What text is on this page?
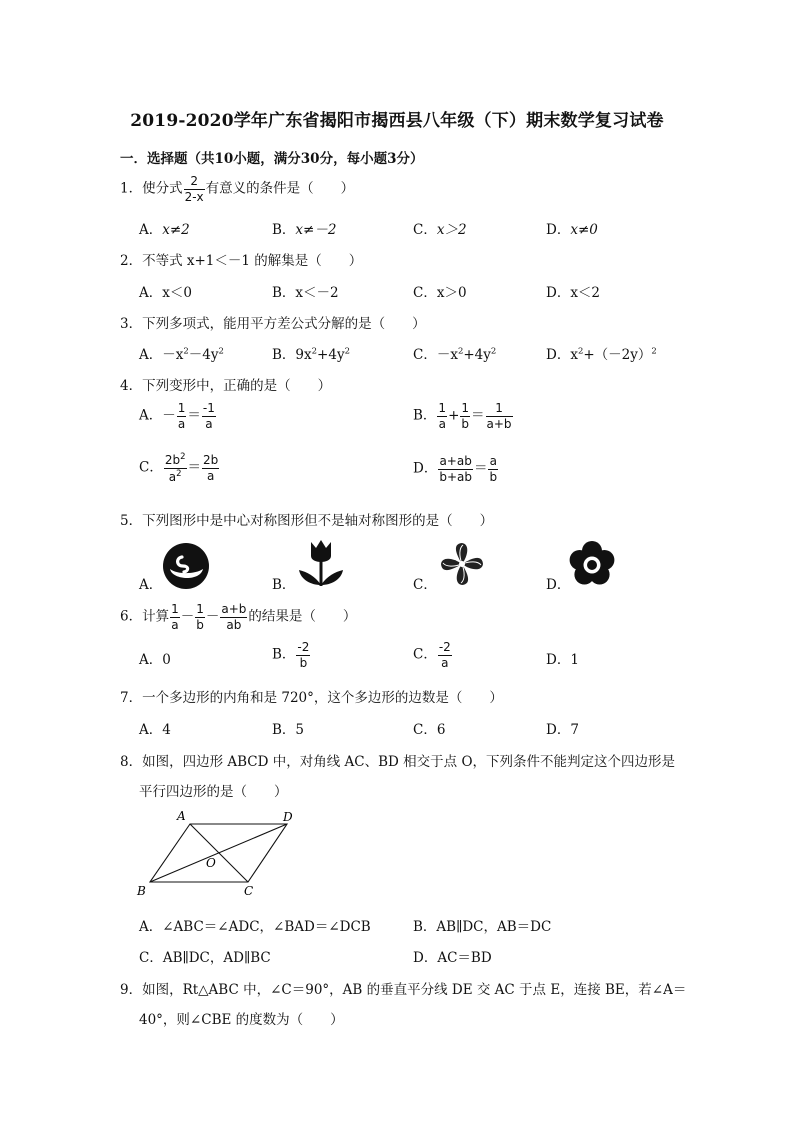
2019-2020学年广东省揭阳市揭西县八年级（下）期末数学复习试卷
一．选择题（共10小题，满分30分，每小题3分）
1．使分式 $\frac{2}{2-x}$ 有意义的条件是（　　）
A．x≠2	B．x≠－2	C．x＞2	D．x≠0
2．不等式 x+1＜－1 的解集是（　　）
A．x＜0	B．x＜－2	C．x＞0	D．x＜2
3．下列多项式，能用平方差公式分解的是（　　）
A．$-x^2-4y^2$	B．$9x^2+4y^2$	C．$-x^2+4y^2$	D．$x^2+(-2y)^2$
4．下列变形中，正确的是（　　）
A．－ $\frac{1}{a} = \frac{-1}{a}$	B． $\frac{1}{a} + \frac{1}{b} = \frac{1}{a+b}$
C． $\frac{2b^2}{a^2} = \frac{2b}{a}$	D． $\frac{a+ab}{b+ab} = \frac{a}{b}$
5．下列图形中是中心对称图形但不是轴对称图形的是（　　）
A．	B．	C．	D．
6．计算 $\frac{1}{a} - \frac{1}{b} - \frac{a+b}{ab}$ 的结果是（　　）
A．0	B． $\frac{-2}{b}$	C． $\frac{-2}{a}$	D．1
7．一个多边形的内角和是 720°，这个多边形的边数是（　　）
A．4	B．5	C．6	D．7
8．如图，四边形 ABCD 中，对角线 AC、BD 相交于点 O，下列条件不能判定这个四边形是
平行四边形的是（　　）
A	D
B	C
O
A．∠ABC＝∠ADC，∠BAD＝∠DCB	B．AB∥DC，AB＝DC
C．AB∥DC，AD∥BC	D．AC＝BD
9．如图，Rt△ABC 中，∠C＝90°，AB 的垂直平分线 DE 交 AC 于点 E，连接 BE，若∠A＝
40°，则∠CBE 的度数为（　　）
